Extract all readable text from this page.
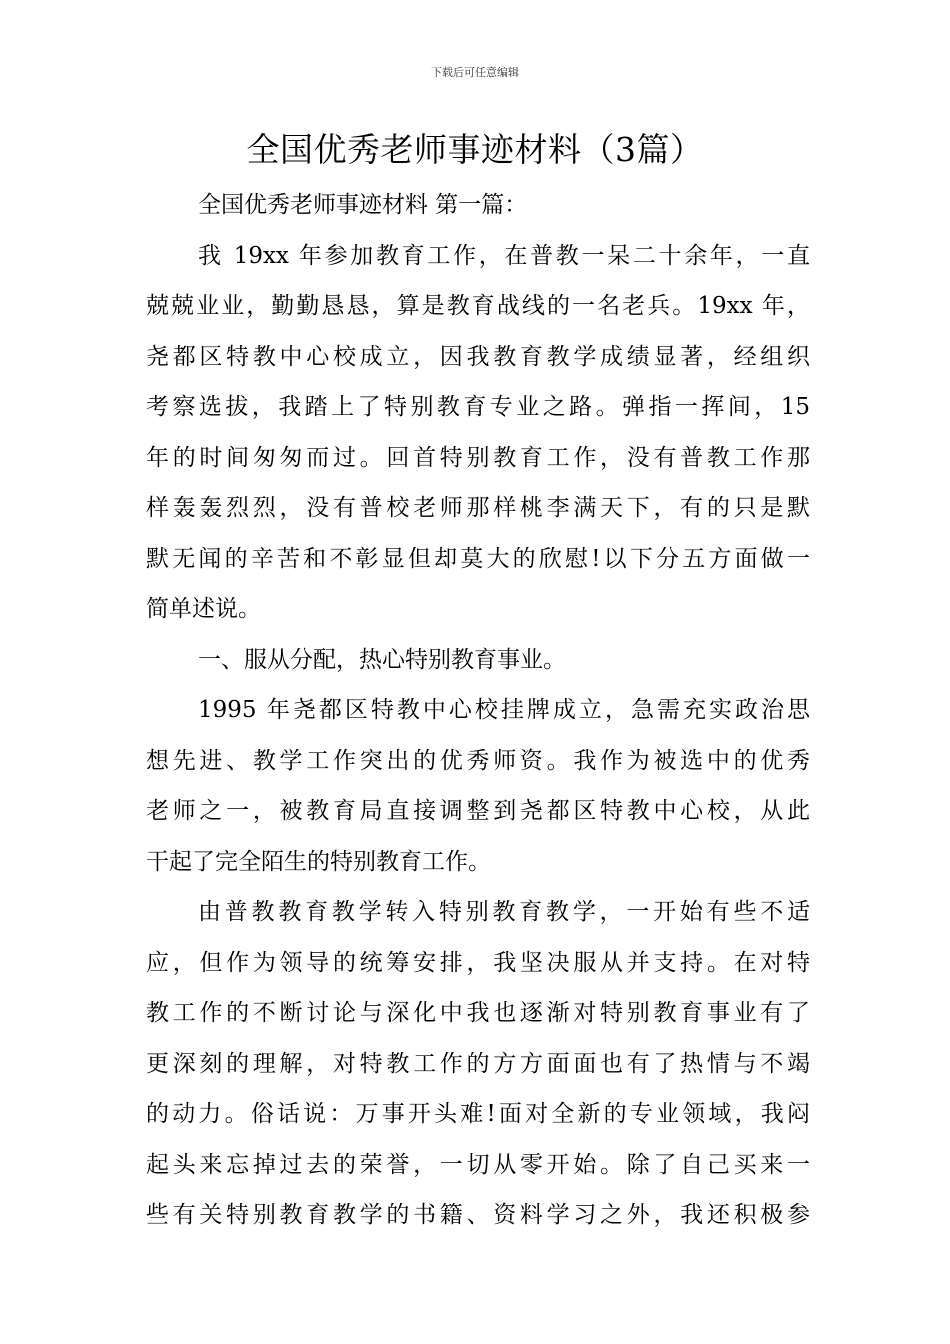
下载后可任意编辑
全国优秀老师事迹材料（3篇）
全国优秀老师事迹材料 第一篇：
我 19xx 年参加教育工作，在普教一呆二十余年，一直
兢兢业业，勤勤恳恳，算是教育战线的一名老兵。19xx 年，
尧都区特教中心校成立，因我教育教学成绩显著，经组织
考察选拔，我踏上了特别教育专业之路。弹指一挥间，15
年的时间匆匆而过。回首特别教育工作，没有普教工作那
样轰轰烈烈，没有普校老师那样桃李满天下，有的只是默
默无闻的辛苦和不彰显但却莫大的欣慰!以下分五方面做一
简单述说。
一、服从分配，热心特别教育事业。
1995 年尧都区特教中心校挂牌成立，急需充实政治思
想先进、教学工作突出的优秀师资。我作为被选中的优秀
老师之一，被教育局直接调整到尧都区特教中心校，从此
干起了完全陌生的特别教育工作。
由普教教育教学转入特别教育教学，一开始有些不适
应，但作为领导的统筹安排，我坚决服从并支持。在对特
教工作的不断讨论与深化中我也逐渐对特别教育事业有了
更深刻的理解，对特教工作的方方面面也有了热情与不竭
的动力。俗话说：万事开头难!面对全新的专业领域，我闷
起头来忘掉过去的荣誉，一切从零开始。除了自己买来一
些有关特别教育教学的书籍、资料学习之外，我还积极参
